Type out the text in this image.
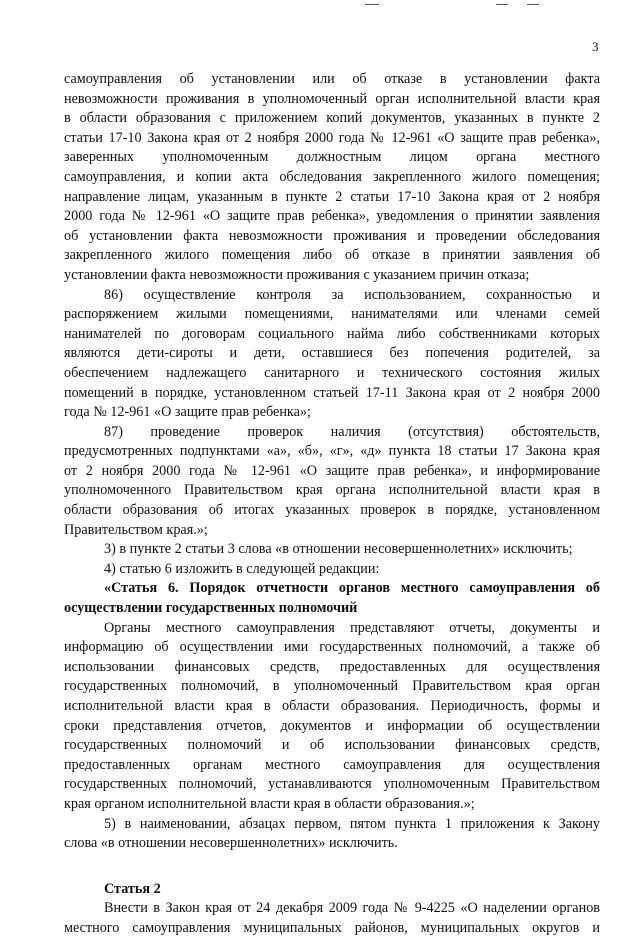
3
самоуправления об установлении или об отказе в установлении факта
невозможности проживания в уполномоченный орган исполнительной власти края
в области образования с приложением копий документов, указанных в пункте 2
статьи 17-10 Закона края от 2 ноября 2000 года № 12-961 «О защите прав ребенка»,
заверенных уполномоченным должностным лицом органа местного
самоуправления, и копии акта обследования закрепленного жилого помещения;
направление лицам, указанным в пункте 2 статьи 17-10 Закона края от 2 ноября
2000 года № 12-961 «О защите прав ребенка», уведомления о принятии заявления
об установлении факта невозможности проживания и проведении обследования
закрепленного жилого помещения либо об отказе в принятии заявления об
установлении факта невозможности проживания с указанием причин отказа;
86) осуществление контроля за использованием, сохранностью и
распоряжением жилыми помещениями, нанимателями или членами семей
нанимателей по договорам социального найма либо собственниками которых
являются дети-сироты и дети, оставшиеся без попечения родителей, за
обеспечением надлежащего санитарного и технического состояния жилых
помещений в порядке, установленном статьей 17-11 Закона края от 2 ноября 2000
года № 12-961 «О защите прав ребенка»;
87) проведение проверок наличия (отсутствия) обстоятельств,
предусмотренных подпунктами «а», «б», «г», «д» пункта 18 статьи 17 Закона края
от 2 ноября 2000 года № 12-961 «О защите прав ребенка», и информирование
уполномоченного Правительством края органа исполнительной власти края в
области образования об итогах указанных проверок в порядке, установленном
Правительством края.»;
3) в пункте 2 статьи 3 слова «в отношении несовершеннолетних» исключить;
4) статью 6 изложить в следующей редакции:
«Статья 6. Порядок отчетности органов местного самоуправления об
осуществлении государственных полномочий
Органы местного самоуправления представляют отчеты, документы и
информацию об осуществлении ими государственных полномочий, а также об
использовании финансовых средств, предоставленных для осуществления
государственных полномочий, в уполномоченный Правительством края орган
исполнительной власти края в области образования. Периодичность, формы и
сроки представления отчетов, документов и информации об осуществлении
государственных полномочий и об использовании финансовых средств,
предоставленных органам местного самоуправления для осуществления
государственных полномочий, устанавливаются уполномоченным Правительством
края органом исполнительной власти края в области образования.»;
5) в наименовании, абзацах первом, пятом пункта 1 приложения к Закону
слова «в отношении несовершеннолетних» исключить.
Статья 2
Внести в Закон края от 24 декабря 2009 года № 9-4225 «О наделении органов
местного самоуправления муниципальных районов, муниципальных округов и
